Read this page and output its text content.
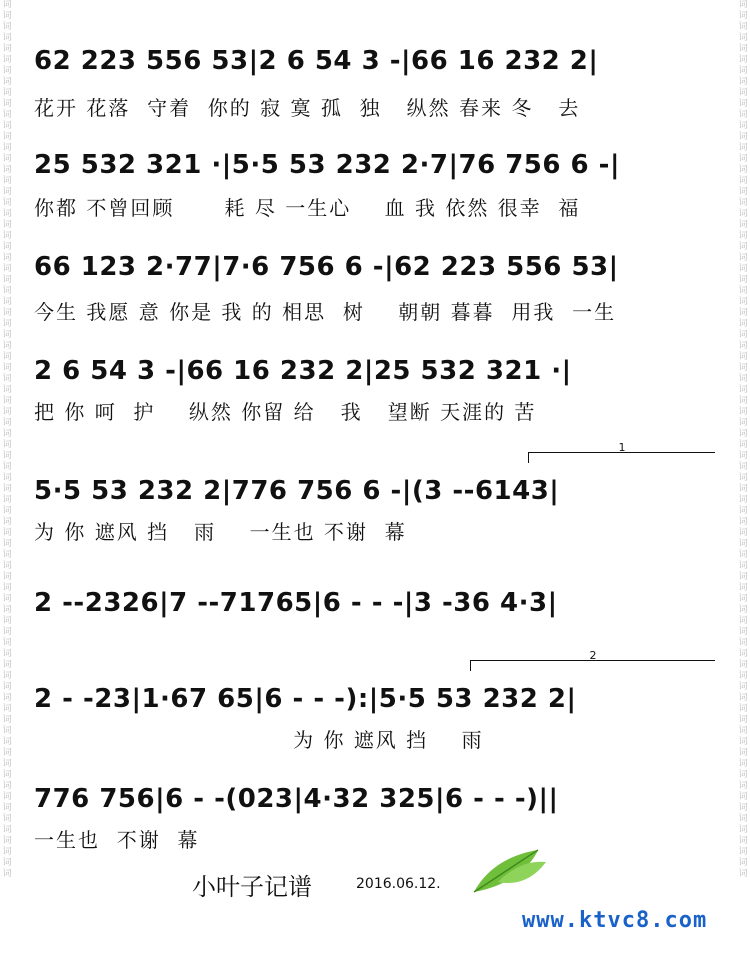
词
词
词
词
词
词
词
词
词
词
词
词
词
词
词
词
词
词
词
词
词
词
词
词
词
词
词
词
词
词
词
词
词
词
词
词
词
词
词
词
词
词
词
词
词
词
词
词
词
词
词
词
词
词
词
词
词
词
词
词
词
词
词
词
词
词
词
词
词
词
词
词
词
词
词
词
词
词
词
词
词
词
词
词
词
词
词
词
词
词
词
词
词
词
词
词
词
词
词
词
词
词
词
词
词
词
词
词
词
词
词
词
词
词
词
词
词
词
词
词
词
词
词
词
词
词
词
词
词
词
词
词
词
词
词
词
词
词
词
词
词
词
词
词
词
词
词
词
词
词
词
词
词
词
词
词
词
词
词
词
62 223 556 53|2 6 54 3 -|66 16 232 2|
花开 花落  守着  你的 寂 寞 孤  独   纵然 春来 冬   去
25 532 321 ·|5·5 53 232 2·7|76 756 6 -|
你都 不曾回顾      耗 尽 一生心    血 我 依然 很幸  福
66 123 2·77|7·6 756 6 -|62 223 556 53|
今生 我愿 意 你是 我 的 相思  树    朝朝 暮暮  用我  一生
2 6 54 3 -|66 16 232 2|25 532 321 ·|
把 你 呵  护    纵然 你留 给   我   望断 天涯的 苦
1
5·5 53 232 2|776 756 6 -|(3 --6143|
为 你 遮风 挡   雨    一生也 不谢  幕
2 --2326|7 --71765|6 - - -|3 -36 4·3|
2
2 - -23|1·67 65|6 - - -):|5·5 53 232 2|
为 你 遮风 挡    雨
776 756|6 - -(023|4·32 325|6 - - -)||
一生也  不谢  幕
小叶子记谱	2016.06.12.
www.ktvc8.com
